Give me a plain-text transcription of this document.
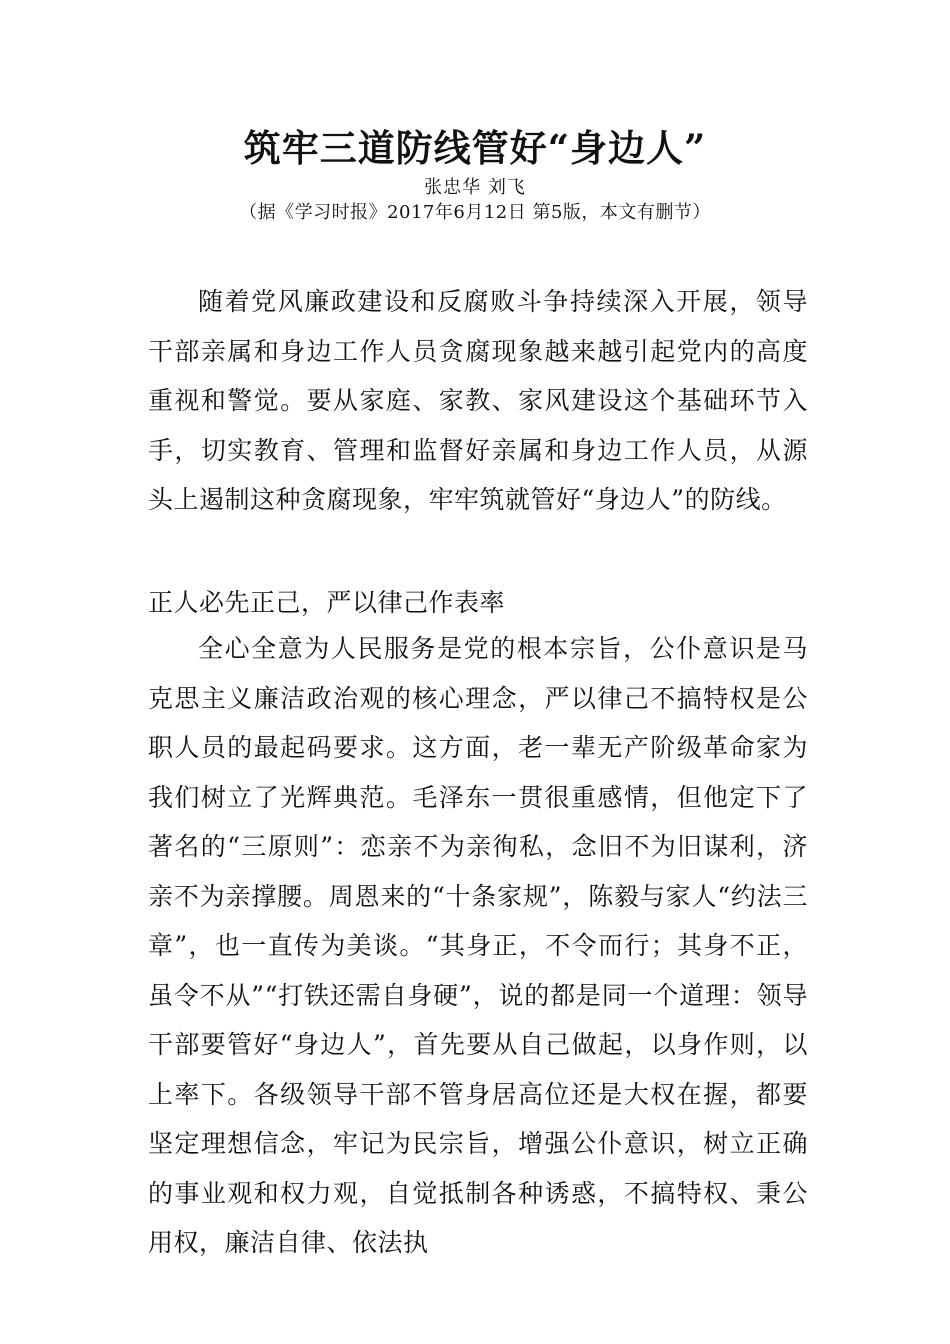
筑牢三道防线管好“身边人”
张忠华 刘飞
（据《学习时报》2017年6月12日 第5版，本文有删节）

随着党风廉政建设和反腐败斗争持续深入开展，领导干部亲属和身边工作人员贪腐现象越来越引起党内的高度重视和警觉。要从家庭、家教、家风建设这个基础环节入手，切实教育、管理和监督好亲属和身边工作人员，从源头上遏制这种贪腐现象，牢牢筑就管好“身边人”的防线。

正人必先正己，严以律己作表率

全心全意为人民服务是党的根本宗旨，公仆意识是马克思主义廉洁政治观的核心理念，严以律己不搞特权是公职人员的最起码要求。这方面，老一辈无产阶级革命家为我们树立了光辉典范。毛泽东一贯很重感情，但他定下了著名的“三原则”：恋亲不为亲徇私，念旧不为旧谋利，济亲不为亲撑腰。周恩来的“十条家规”，陈毅与家人“约法三章”，也一直传为美谈。“其身正，不令而行；其身不正，虽令不从”“打铁还需自身硬”，说的都是同一个道理：领导干部要管好“身边人”，首先要从自己做起，以身作则，以上率下。各级领导干部不管身居高位还是大权在握，都要坚定理想信念，牢记为民宗旨，增强公仆意识，树立正确的事业观和权力观，自觉抵制各种诱惑，不搞特权、秉公用权，廉洁自律、依法执
